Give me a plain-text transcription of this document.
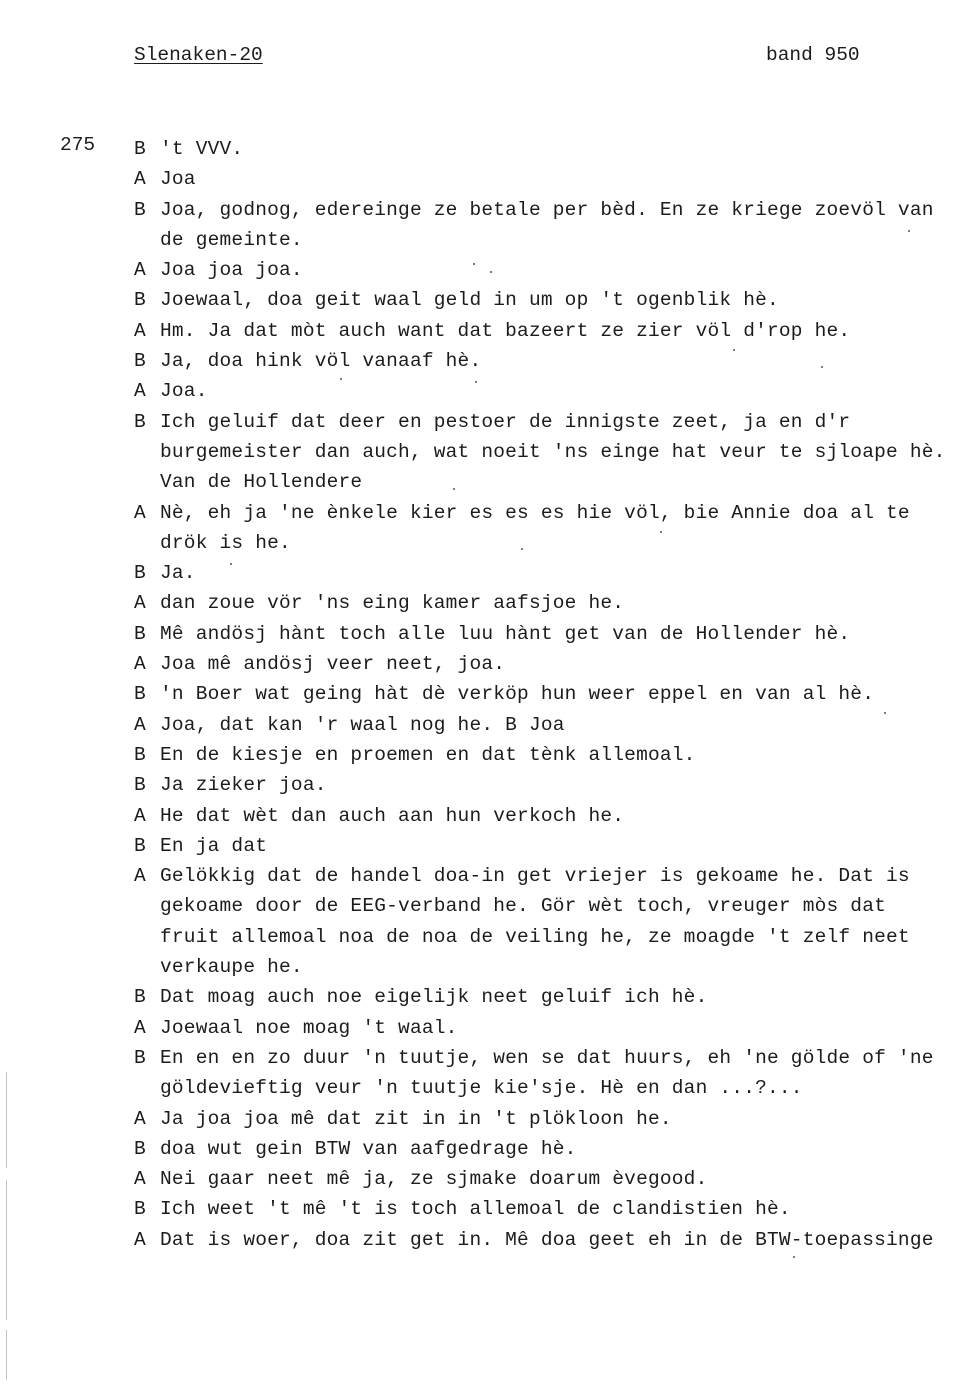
Slenaken-20	band 950
275 B 't VVV.

A Joa

B Joa, godnog, edereinge ze betale per bèd. En ze kriege zoevöl van de gemeinte.

A Joa joa joa.

B Joewaal, doa geit waal geld in um op 't ogenblik hè.

A Hm. Ja dat mòt auch want dat bazeert ze zier völ d'rop he.

B Ja, doa hink völ vanaaf hè.

A Joa.

B Ich geluif dat deer en pestoer de innigste zeet, ja en d'r burgemeister dan auch, wat noeit 'ns einge hat veur te sjloape hè. Van de Hollendere

A Nè, eh ja 'ne ènkele kier es es es hie völ, bie Annie doa al te drök is he.

B Ja.

A dan zoue vör 'ns eing kamer aafsjoe he.

B Mê andösj hànt toch alle luu hànt get van de Hollender hè.

A Joa mê andösj veer neet, joa.

B 'n Boer wat geing hàt dè verköp hun weer eppel en van al hè.

A Joa, dat kan 'r waal nog he. B Joa

B En de kiesje en proemen en dat tènk allemoal.

B Ja zieker joa.

A He dat wèt dan auch aan hun verkoch he.

B En ja dat

A Gelökkig dat de handel doa-in get vriejer is gekoame he. Dat is gekoame door de EEG-verband he. Gör wèt toch, vreuger mòs dat fruit allemoal noa de noa de veiling he, ze moagde 't zelf neet verkaupe he.

B Dat moag auch noe eigelijk neet geluif ich hè.

A Joewaal noe moag 't waal.

B En en en zo duur 'n tuutje, wen se dat huurs, eh 'ne gölde of 'ne göldevieftig veur 'n tuutje kie'sje. Hè en dan ...?...

A Ja joa joa mê dat zit in in 't plökloon he.

B doa wut gein BTW van aafgedrage hè.

A Nei gaar neet mê ja, ze sjmake doarum èvegood.

B Ich weet 't mê 't is toch allemoal de clandistien hè.

A Dat is woer, doa zit get in. Mê doa geet eh in de BTW-toepassinge
